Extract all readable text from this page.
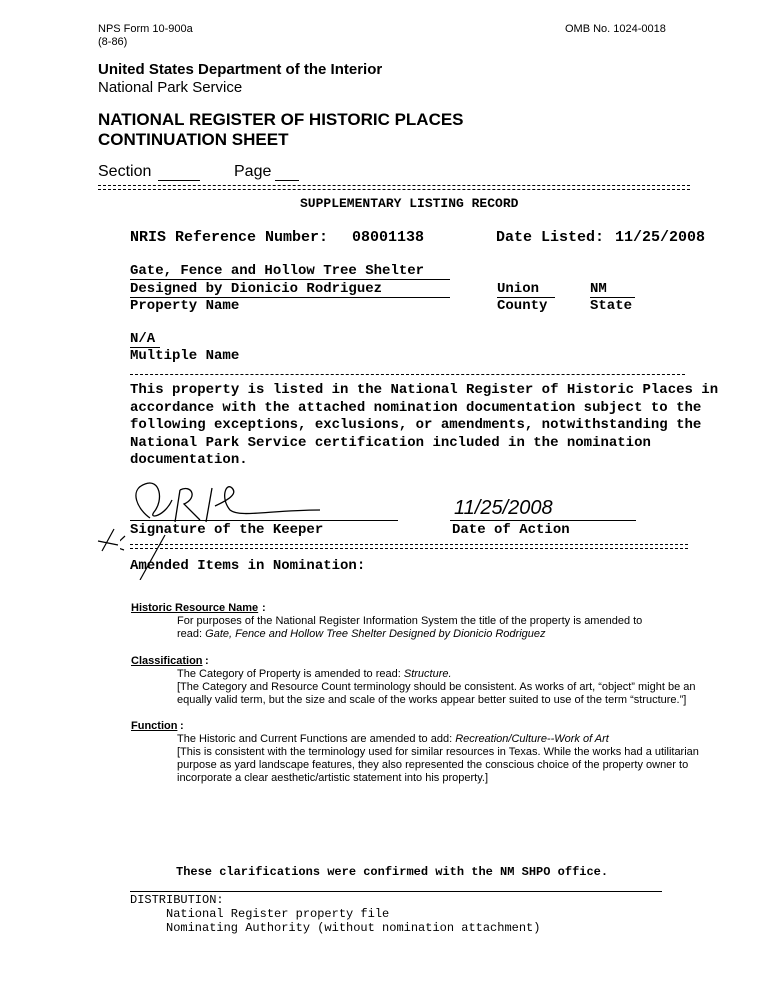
NPS Form 10-900a
(8-86)
OMB No. 1024-0018
United States Department of the Interior
National Park Service
NATIONAL REGISTER OF HISTORIC PLACES
CONTINUATION SHEET
Section	Page
SUPPLEMENTARY LISTING RECORD
NRIS Reference Number: 08001138	Date Listed: 11/25/2008
Gate, Fence and Hollow Tree Shelter
Designed by Dionicio Rodriguez
Property Name
Union
County
NM
State
N/A
Multiple Name
This property is listed in the National Register of Historic Places in accordance with the attached nomination documentation subject to the following exceptions, exclusions, or amendments, notwithstanding the National Park Service certification included in the nomination documentation.
Signature of the Keeper
11/25/2008
Date of Action
Amended Items in Nomination:
Historic Resource Name :
For purposes of the National Register Information System the title of the property is amended to
read: Gate, Fence and Hollow Tree Shelter Designed by Dionicio Rodriguez
Classification :
The Category of Property is amended to read: Structure.
[The Category and Resource Count terminology should be consistent. As works of art, “object” might be an equally valid term, but the size and scale of the works appear better suited to use of the term “structure.”]
Function :
The Historic and Current Functions are amended to add: Recreation/Culture--Work of Art
[This is consistent with the terminology used for similar resources in Texas. While the works had a utilitarian purpose as yard landscape features, they also represented the conscious choice of the property owner to incorporate a clear aesthetic/artistic statement into his property.]
These clarifications were confirmed with the NM SHPO office.
DISTRIBUTION:
National Register property file
Nominating Authority (without nomination attachment)
